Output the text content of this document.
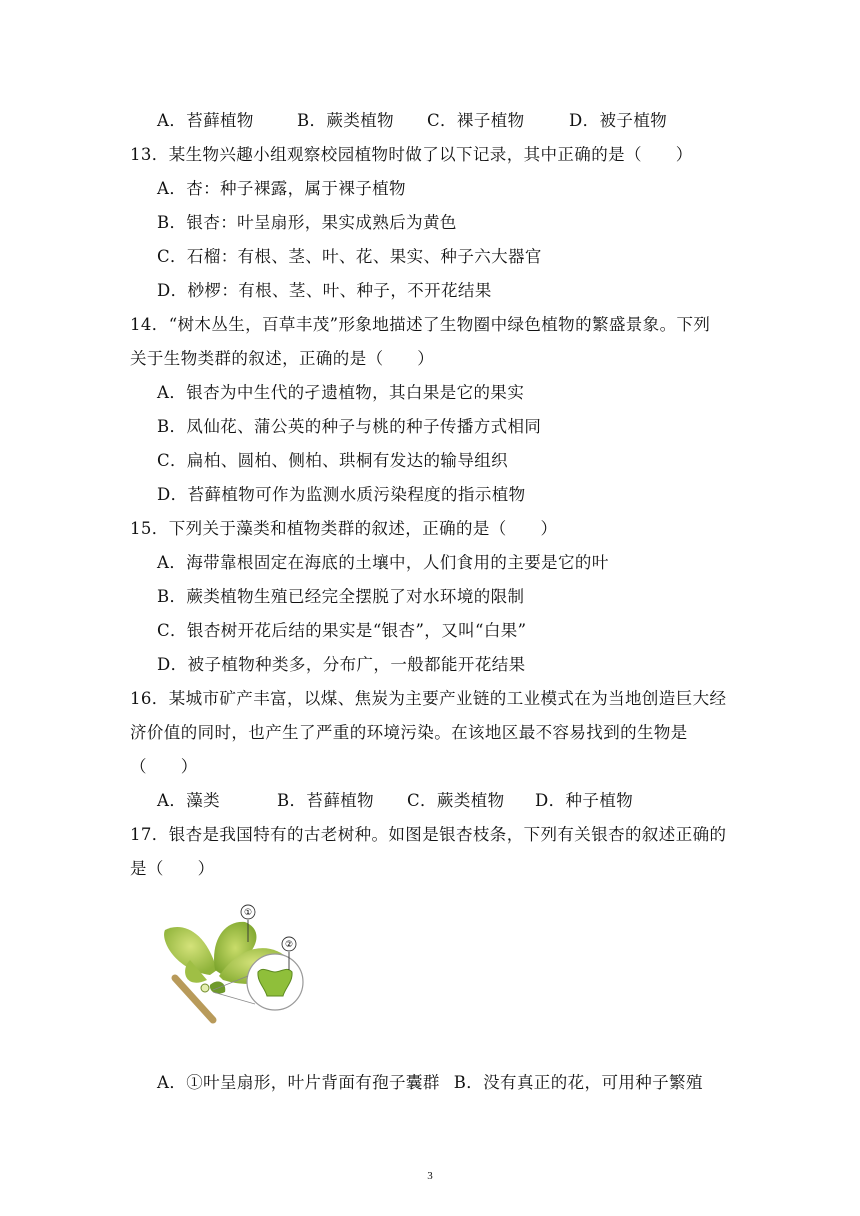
A．苔藓植物	B．蕨类植物 C．裸子植物	D．被子植物
13．某生物兴趣小组观察校园植物时做了以下记录，其中正确的是（　　）
A．杏：种子裸露，属于裸子植物
B．银杏：叶呈扇形，果实成熟后为黄色
C．石榴：有根、茎、叶、花、果实、种子六大器官
D．桫椤：有根、茎、叶、种子，不开花结果
14．“树木丛生，百草丰茂”形象地描述了生物圈中绿色植物的繁盛景象。下列
关于生物类群的叙述，正确的是（　　）
A．银杏为中生代的孑遗植物，其白果是它的果实
B．凤仙花、蒲公英的种子与桃的种子传播方式相同
C．扁柏、圆柏、侧柏、珙桐有发达的输导组织
D．苔藓植物可作为监测水质污染程度的指示植物
15．下列关于藻类和植物类群的叙述，正确的是（　　）
A．海带靠根固定在海底的土壤中，人们食用的主要是它的叶
B．蕨类植物生殖已经完全摆脱了对水环境的限制
C．银杏树开花后结的果实是“银杏”，又叫“白果”
D．被子植物种类多，分布广，一般都能开花结果
16．某城市矿产丰富，以煤、焦炭为主要产业链的工业模式在为当地创造巨大经
济价值的同时，也产生了严重的环境污染。在该地区最不容易找到的生物是
（　　）
A．藻类	B．苔藓植物 C．蕨类植物 D．种子植物
17．银杏是我国特有的古老树种。如图是银杏枝条，下列有关银杏的叙述正确的
是（　　）
①
②
A．①叶呈扇形，叶片背面有孢子囊群 B．没有真正的花，可用种子繁殖
3
